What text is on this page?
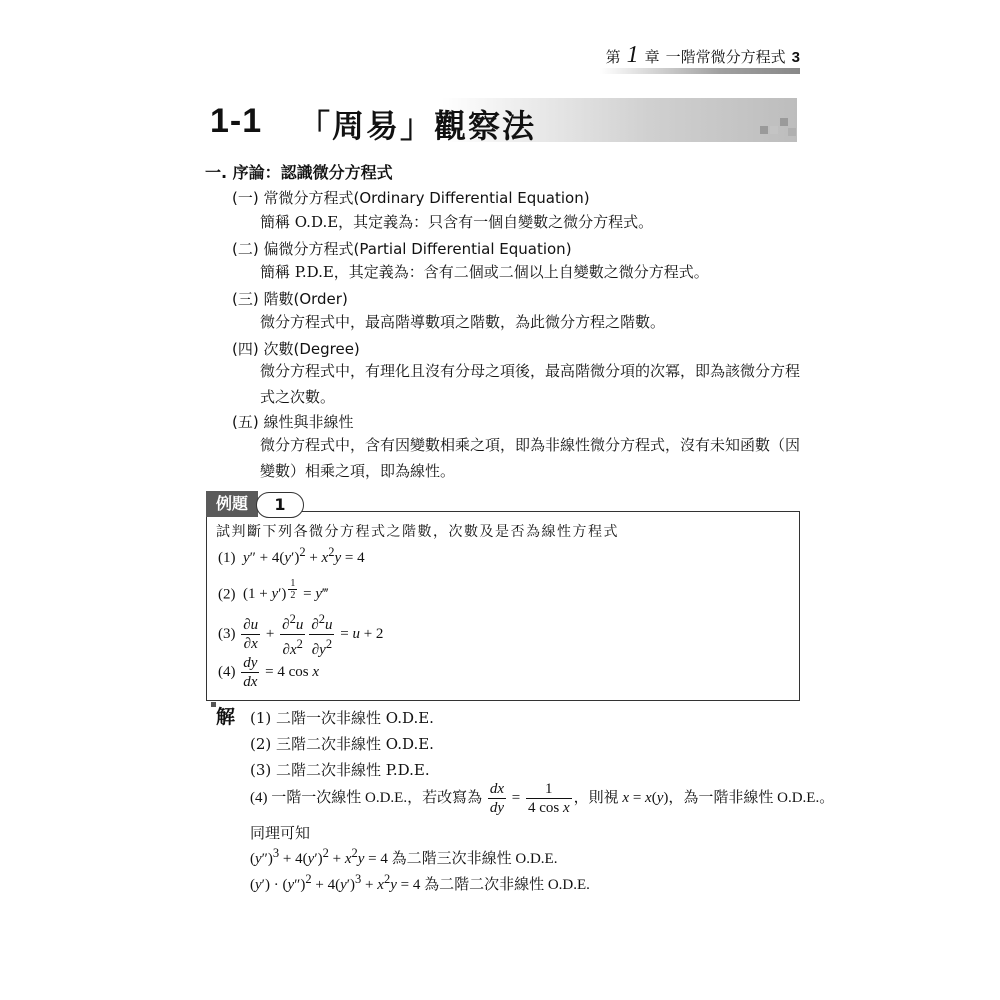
第 1 章 一階常微分方程式 3
1-1 「周易」觀察法
一. 序論：認識微分方程式
(一) 常微分方程式(Ordinary Differential Equation)
簡稱 O.D.E，其定義為：只含有一個自變數之微分方程式。
(二) 偏微分方程式(Partial Differential Equation)
簡稱 P.D.E，其定義為：含有二個或二個以上自變數之微分方程式。
(三) 階數(Order)
微分方程式中，最高階導數項之階數，為此微分方程之階數。
(四) 次數(Degree)
微分方程式中，有理化且沒有分母之項後，最高階微分項的次冪，即為該微分方程式之次數。
(五) 線性與非線性
微分方程式中，含有因變數相乘之項，即為非線性微分方程式，沒有未知函數（因變數）相乘之項，即為線性。
例題	1
試判斷下列各微分方程式之階數，次數及是否為線性方程式
(1) $y'' + 4(y')^2 + x^2y = 4$
(2)  (1 + y′) $^{\frac{1}{2}}$ = y‴
$(3) \frac{\partial u}{\partial x} + \frac{\partial^2u}{\partial x^2} \frac{\partial^2u}{\partial y^2} = u + 2$
$(4) \frac{dy}{dx} = 4$ cos x
解 (1) 二階一次非線性 O.D.E.
(2) 三階二次非線性 O.D.E.
(3) 二階二次非線性 P.D.E.
(4) 一階一次線性 O.D.E.，若改寫為 $\frac{dx}{dy} = \frac{1}{\text{4 cos x}}$ ，則視 x = x(y)，為一階非線性 O.D.E.。
同理可知
$(y'')^3 + 4(y')^2 + x^2y = 4$ 為二階三次非線性 O.D.E.
$(y') \cdot (y'')^2 + 4(y')^3 + x^2y = 4$ 為二階二次非線性 O.D.E.
